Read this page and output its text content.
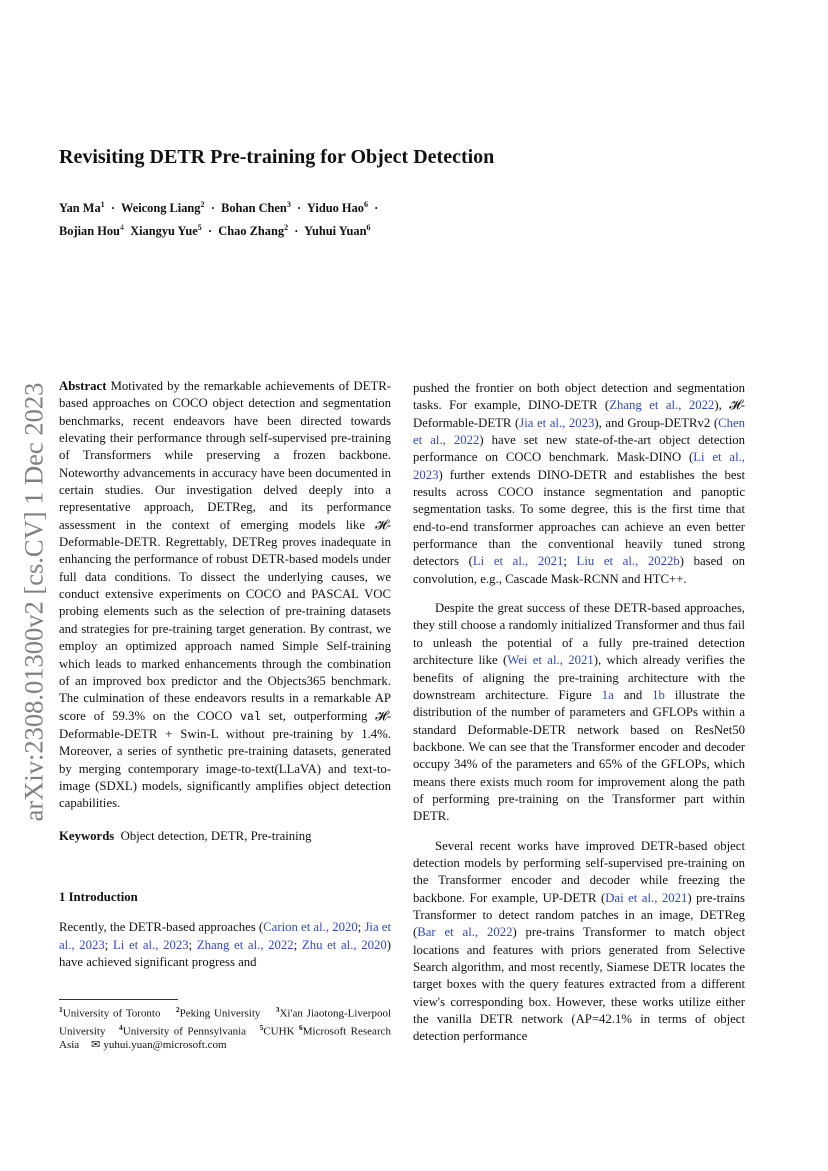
arXiv:2308.01300v2 [cs.CV] 1 Dec 2023
Revisiting DETR Pre-training for Object Detection
Yan $Ma^1$ · Weicong Liang$^2$ · Bohan Chen$^3$ · Yiduo Hao$^6$ ·
Bojian Hou$^4$ Xiangyu Yue$^5$ · Chao Zhang$^2$ · Yuhui Yuan$^6$

Abstract Motivated by the remarkable achievements of DETR-based approaches on COCO object detection and segmentation benchmarks, recent endeavors have been directed towards elevating their performance through self-supervised pre-training of Transformers while preserving a frozen backbone. Noteworthy advancements in accuracy have been documented in certain studies. Our investigation delved deeply into a representative approach, DETReg, and its performance assessment in the context of emerging models like 𝓗-Deformable-DETR. Regrettably, DETReg proves inadequate in enhancing the performance of robust DETR-based models under full data conditions. To dissect the underlying causes, we conduct extensive experiments on COCO and PASCAL VOC probing elements such as the selection of pre-training datasets and strategies for pre-training target generation. By contrast, we employ an optimized approach named Simple Self-training which leads to marked enhancements through the combination of an improved box predictor and the Objects365 benchmark. The culmination of these endeavors results in a remarkable AP score of 59.3% on the COCO val set, outperforming 𝓗-Deformable-DETR + Swin-L without pre-training by 1.4%. Moreover, a series of synthetic pre-training datasets, generated by merging contemporary image-to-text(LLaVA) and text-to-image (SDXL) models, significantly amplifies object detection capabilities.

Keywords Object detection, DETR, Pre-training

1 Introduction

Recently, the DETR-based approaches (Carion et al., 2020; Jia et al., 2023; Li et al., 2023; Zhang et al., 2022; Zhu et al., 2020) have achieved significant progress and

$^1$University of Toronto $^2$Peking University $^3$Xi'an Jiaotong-Liverpool University $^4$University of Pennsylvania $^5$CUHK $^6$Microsoft Research Asia ✉ yuhui.yuan@microsoft.com

pushed the frontier on both object detection and segmentation tasks. For example, DINO-DETR (Zhang et al., 2022), 𝓗-Deformable-DETR (Jia et al., 2023), and Group-DETRv2 (Chen et al., 2022) have set new state-of-the-art object detection performance on COCO benchmark. Mask-DINO (Li et al., 2023) further extends DINO-DETR and establishes the best results across COCO instance segmentation and panoptic segmentation tasks. To some degree, this is the first time that end-to-end transformer approaches can achieve an even better performance than the conventional heavily tuned strong detectors (Li et al., 2021; Liu et al., 2022b) based on convolution, e.g., Cascade Mask-RCNN and HTC++.

Despite the great success of these DETR-based approaches, they still choose a randomly initialized Transformer and thus fail to unleash the potential of a fully pre-trained detection architecture like (Wei et al., 2021), which already verifies the benefits of aligning the pre-training architecture with the downstream architecture. Figure 1a and 1b illustrate the distribution of the number of parameters and GFLOPs within a standard Deformable-DETR network based on ResNet50 backbone. We can see that the Transformer encoder and decoder occupy 34% of the parameters and 65% of the GFLOPs, which means there exists much room for improvement along the path of performing pre-training on the Transformer part within DETR.

Several recent works have improved DETR-based object detection models by performing self-supervised pre-training on the Transformer encoder and decoder while freezing the backbone. For example, UP-DETR (Dai et al., 2021) pre-trains Transformer to detect random patches in an image, DETReg (Bar et al., 2022) pre-trains Transformer to match object locations and features with priors generated from Selective Search algorithm, and most recently, Siamese DETR locates the target boxes with the query features extracted from a different view's corresponding box. However, these works utilize either the vanilla DETR network (AP=42.1% in terms of object detection performance
